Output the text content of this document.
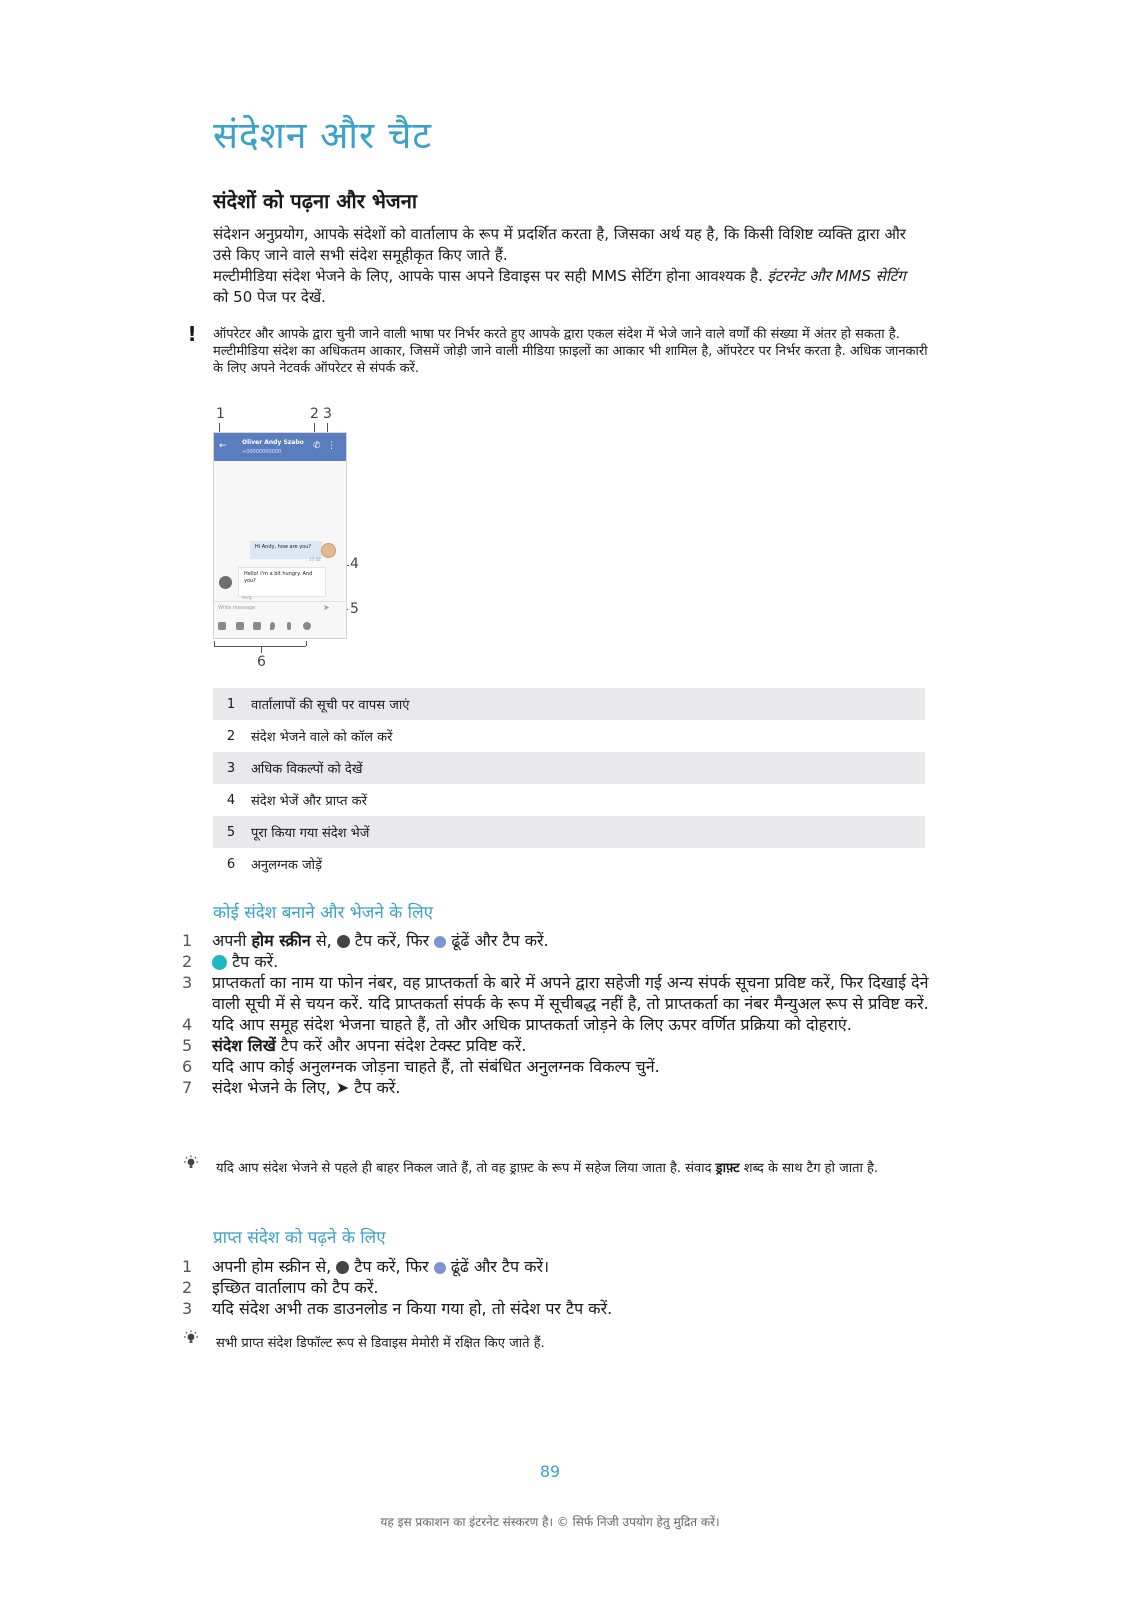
संदेशन और चैट
संदेशों को पढ़ना और भेजना

संदेशन अनुप्रयोग, आपके संदेशों को वार्तालाप के रूप में प्रदर्शित करता है, जिसका अर्थ यह है, कि किसी विशिष्ट व्यक्ति द्वारा और उसे किए जाने वाले सभी संदेश समूहीकृत किए जाते हैं.

मल्टीमीडिया संदेश भेजने के लिए, आपके पास अपने डिवाइस पर सही MMS सेटिंग होना आवश्यक है. इंटरनेट और MMS सेटिंग को 50 पेज पर देखें.

! ऑपरेटर और आपके द्वारा चुनी जाने वाली भाषा पर निर्भर करते हुए आपके द्वारा एकल संदेश में भेजे जाने वाले वर्णों की संख्या में अंतर हो सकता है. मल्टीमीडिया संदेश का अधिकतम आकार, जिसमें जोड़ी जाने वाली मीडिया फ़ाइलों का आकार भी शामिल है, ऑपरेटर पर निर्भर करता है. अधिक जानकारी के लिए अपने नेटवर्क ऑपरेटर से संपर्क करें.
1	2 3
4
5
6
←	Oliver Andy Szabo
+00000000000
✆ ⋮
Hi Andy, how are you?
17:32
Hello! I'm a bit hungry. And you?
Andy
Write message	➤
1	वार्तालापों की सूची पर वापस जाएं
2	संदेश भेजने वाले को कॉल करें
3	अधिक विकल्पों को देखें
4	संदेश भेजें और प्राप्त करें
5	पूरा किया गया संदेश भेजें
6	अनुलग्नक जोड़ें
कोई संदेश बनाने और भेजने के लिए
1	अपनी होम स्क्रीन से,  टैप करें, फिर  ढूंढें और टैप करें.
2	टैप करें.
3	प्राप्तकर्ता का नाम या फोन नंबर, वह प्राप्तकर्ता के बारे में अपने द्वारा सहेजी गई अन्य संपर्क सूचना प्रविष्ट करें, फिर दिखाई देने वाली सूची में से चयन करें. यदि प्राप्तकर्ता संपर्क के रूप में सूचीबद्ध नहीं है, तो प्राप्तकर्ता का नंबर मैन्युअल रूप से प्रविष्ट करें.
4	यदि आप समूह संदेश भेजना चाहते हैं, तो और अधिक प्राप्तकर्ता जोड़ने के लिए ऊपर वर्णित प्रक्रिया को दोहराएं.
5	संदेश लिखें टैप करें और अपना संदेश टेक्स्ट प्रविष्ट करें.
6	यदि आप कोई अनुलग्नक जोड़ना चाहते हैं, तो संबंधित अनुलग्नक विकल्प चुनें.
7	संदेश भेजने के लिए, ➤ टैप करें.
यदि आप संदेश भेजने से पहले ही बाहर निकल जाते हैं, तो वह ड्राफ़्ट के रूप में सहेज लिया जाता है. संवाद ड्राफ़्ट शब्द के साथ टैग हो जाता है.
प्राप्त संदेश को पढ़ने के लिए
1	अपनी होम स्क्रीन से,  टैप करें, फिर  ढूंढें और टैप करें।
2	इच्छित वार्तालाप को टैप करें.
3	यदि संदेश अभी तक डाउनलोड न किया गया हो, तो संदेश पर टैप करें.
सभी प्राप्त संदेश डिफॉल्ट रूप से डिवाइस मेमोरी में रक्षित किए जाते हैं.
89
यह इस प्रकाशन का इंटरनेट संस्करण है। © सिर्फ निजी उपयोग हेतु मुद्रित करें।
